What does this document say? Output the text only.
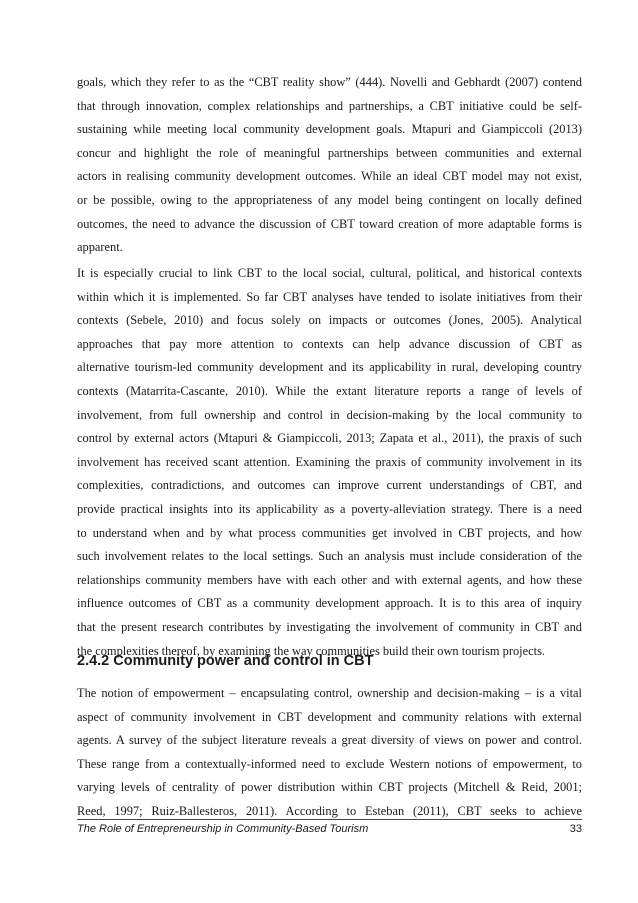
goals, which they refer to as the “CBT reality show” (444). Novelli and Gebhardt (2007) contend
that through innovation, complex relationships and partnerships, a CBT initiative could be self-
sustaining while meeting local community development goals. Mtapuri and Giampiccoli (2013)
concur and highlight the role of meaningful partnerships between communities and external
actors in realising community development outcomes. While an ideal CBT model may not exist,
or be possible, owing to the appropriateness of any model being contingent on locally defined
outcomes, the need to advance the discussion of CBT toward creation of more adaptable forms is
apparent.
It is especially crucial to link CBT to the local social, cultural, political, and historical contexts
within which it is implemented. So far CBT analyses have tended to isolate initiatives from their
contexts (Sebele, 2010) and focus solely on impacts or outcomes (Jones, 2005). Analytical
approaches that pay more attention to contexts can help advance discussion of CBT as
alternative tourism-led community development and its applicability in rural, developing country
contexts (Matarrita-Cascante, 2010). While the extant literature reports a range of levels of
involvement, from full ownership and control in decision-making by the local community to
control by external actors (Mtapuri & Giampiccoli, 2013; Zapata et al., 2011), the praxis of such
involvement has received scant attention. Examining the praxis of community involvement in its
complexities, contradictions, and outcomes can improve current understandings of CBT, and
provide practical insights into its applicability as a poverty-alleviation strategy. There is a need
to understand when and by what process communities get involved in CBT projects, and how
such involvement relates to the local settings. Such an analysis must include consideration of the
relationships community members have with each other and with external agents, and how these
influence outcomes of CBT as a community development approach. It is to this area of inquiry
that the present research contributes by investigating the involvement of community in CBT and
the complexities thereof, by examining the way communities build their own tourism projects.
2.4.2 Community power and control in CBT
The notion of empowerment – encapsulating control, ownership and decision-making – is a vital
aspect of community involvement in CBT development and community relations with external
agents. A survey of the subject literature reveals a great diversity of views on power and control.
These range from a contextually-informed need to exclude Western notions of empowerment, to
varying levels of centrality of power distribution within CBT projects (Mitchell & Reid, 2001;
Reed, 1997; Ruiz-Ballesteros, 2011). According to Esteban (2011), CBT seeks to achieve
The Role of Entrepreneurship in Community-Based Tourism	33
